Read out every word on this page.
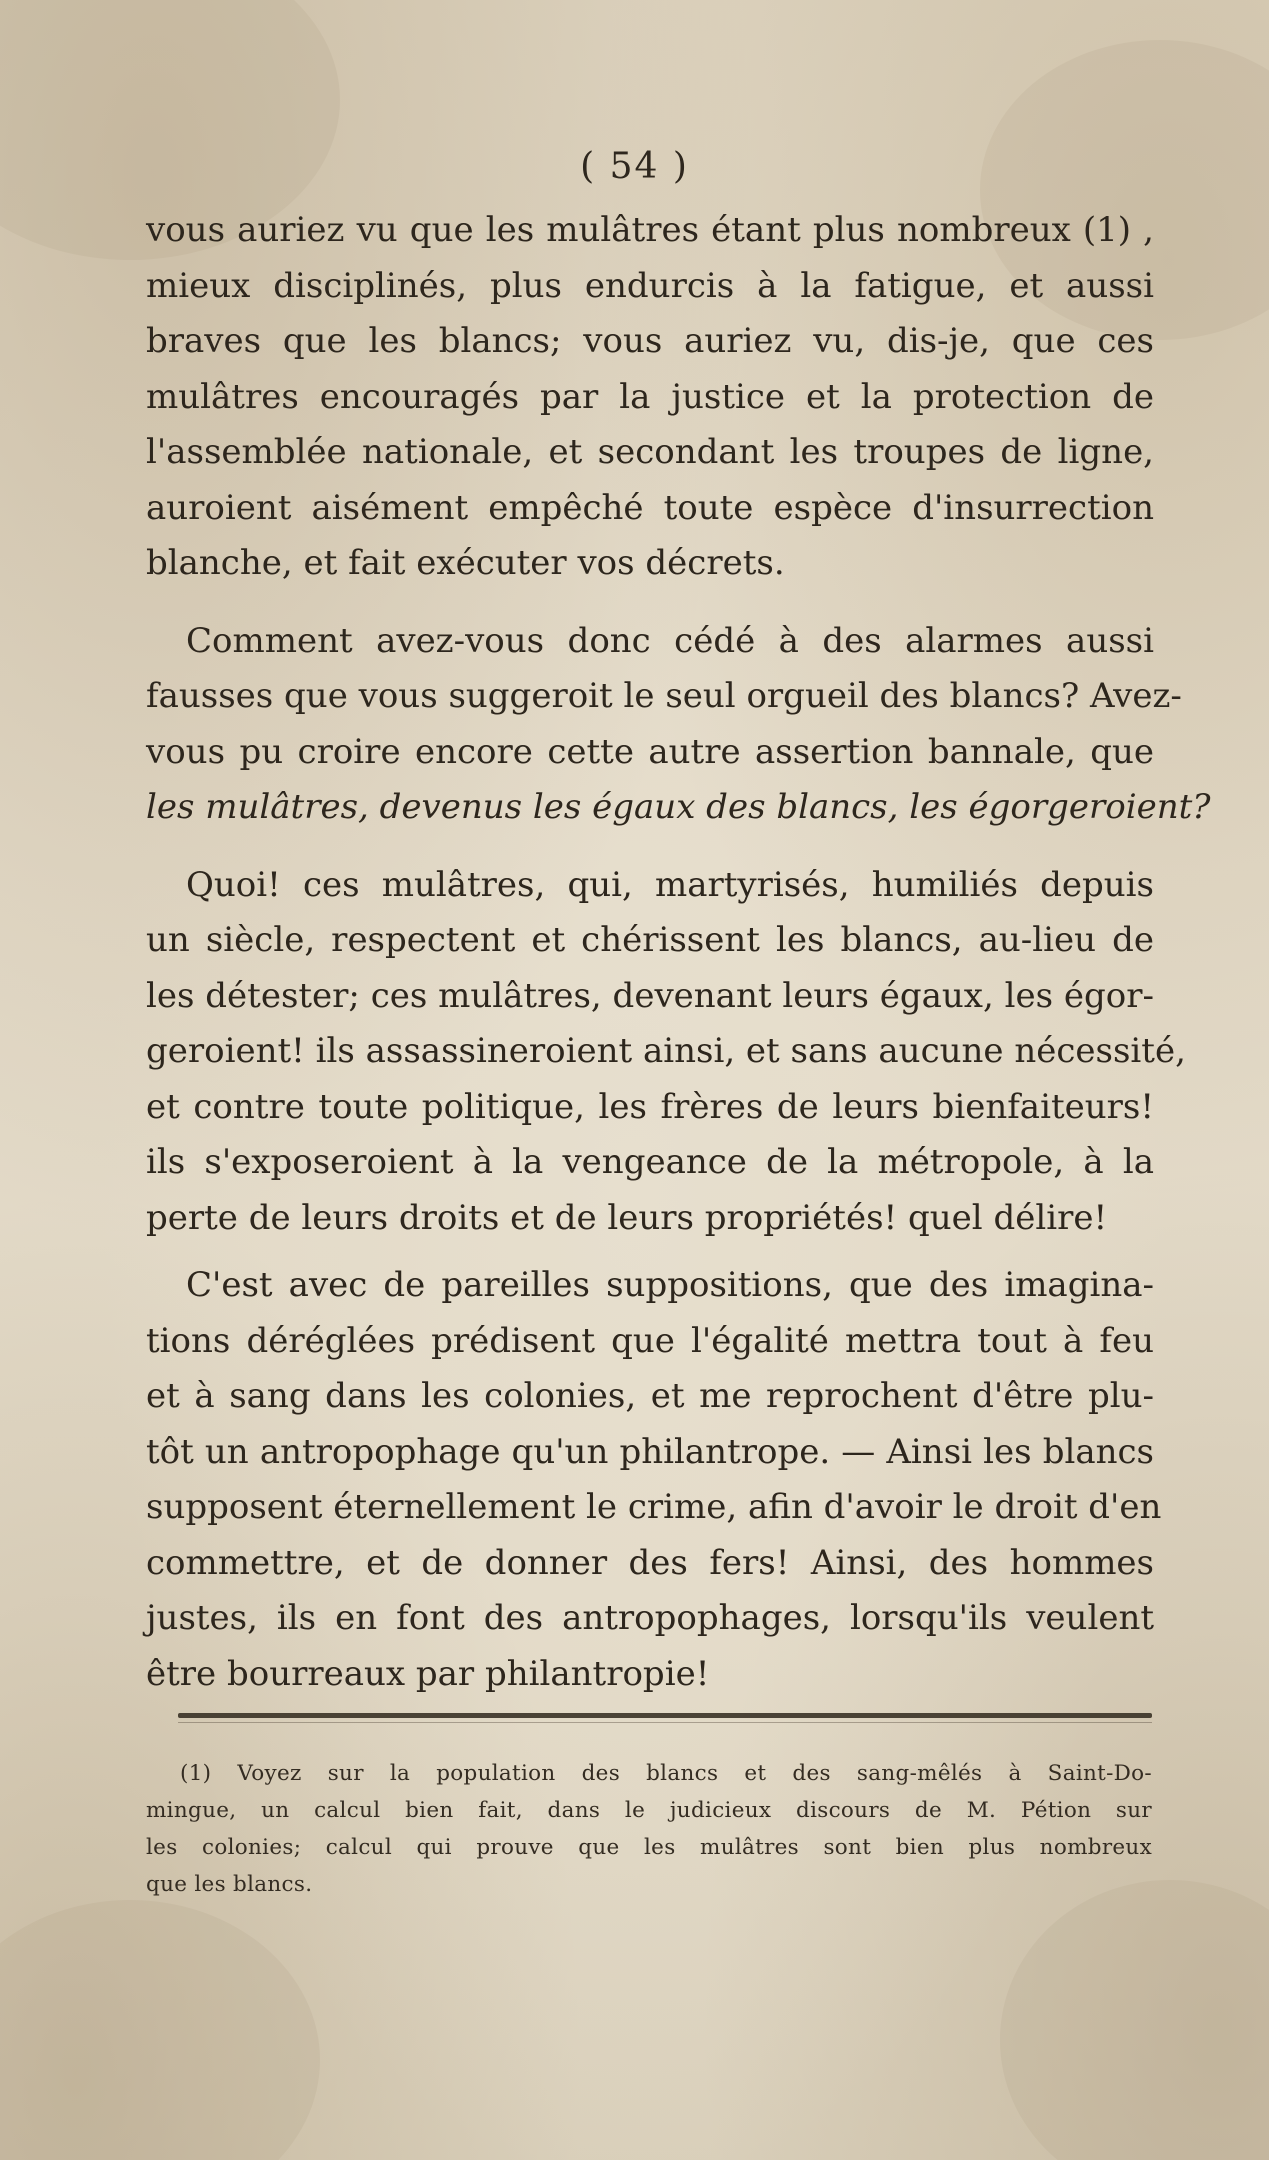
( 54 )

vous auriez vu que les mulâtres étant plus nombreux (1) ,
mieux disciplinés, plus endurcis à la fatigue, et aussi
braves que les blancs; vous auriez vu, dis-je, que ces
mulâtres encouragés par la justice et la protection de
l'assemblée nationale, et secondant les troupes de ligne,
auroient aisément empêché toute espèce d'insurrection
blanche, et fait exécuter vos décrets.

Comment avez-vous donc cédé à des alarmes aussi
fausses que vous suggeroit le seul orgueil des blancs? Avez-
vous pu croire encore cette autre assertion bannale, que
les mulâtres, devenus les égaux des blancs, les égorgeroient?

Quoi! ces mulâtres, qui, martyrisés, humiliés depuis
un siècle, respectent et chérissent les blancs, au-lieu de
les détester; ces mulâtres, devenant leurs égaux, les égor-
geroient! ils assassineroient ainsi, et sans aucune nécessité,
et contre toute politique, les frères de leurs bienfaiteurs!
ils s'exposeroient à la vengeance de la métropole, à la
perte de leurs droits et de leurs propriétés! quel délire!

C'est avec de pareilles suppositions, que des imagina-
tions déréglées prédisent que l'égalité mettra tout à feu
et à sang dans les colonies, et me reprochent d'être plu-
tôt un antropophage qu'un philantrope. — Ainsi les blancs
supposent éternellement le crime, afin d'avoir le droit d'en
commettre, et de donner des fers! Ainsi, des hommes
justes, ils en font des antropophages, lorsqu'ils veulent
être bourreaux par philantropie!

(1) Voyez sur la population des blancs et des sang-mêlés à Saint-Do-
mingue, un calcul bien fait, dans le judicieux discours de M. Pétion sur
les colonies; calcul qui prouve que les mulâtres sont bien plus nombreux
que les blancs.
